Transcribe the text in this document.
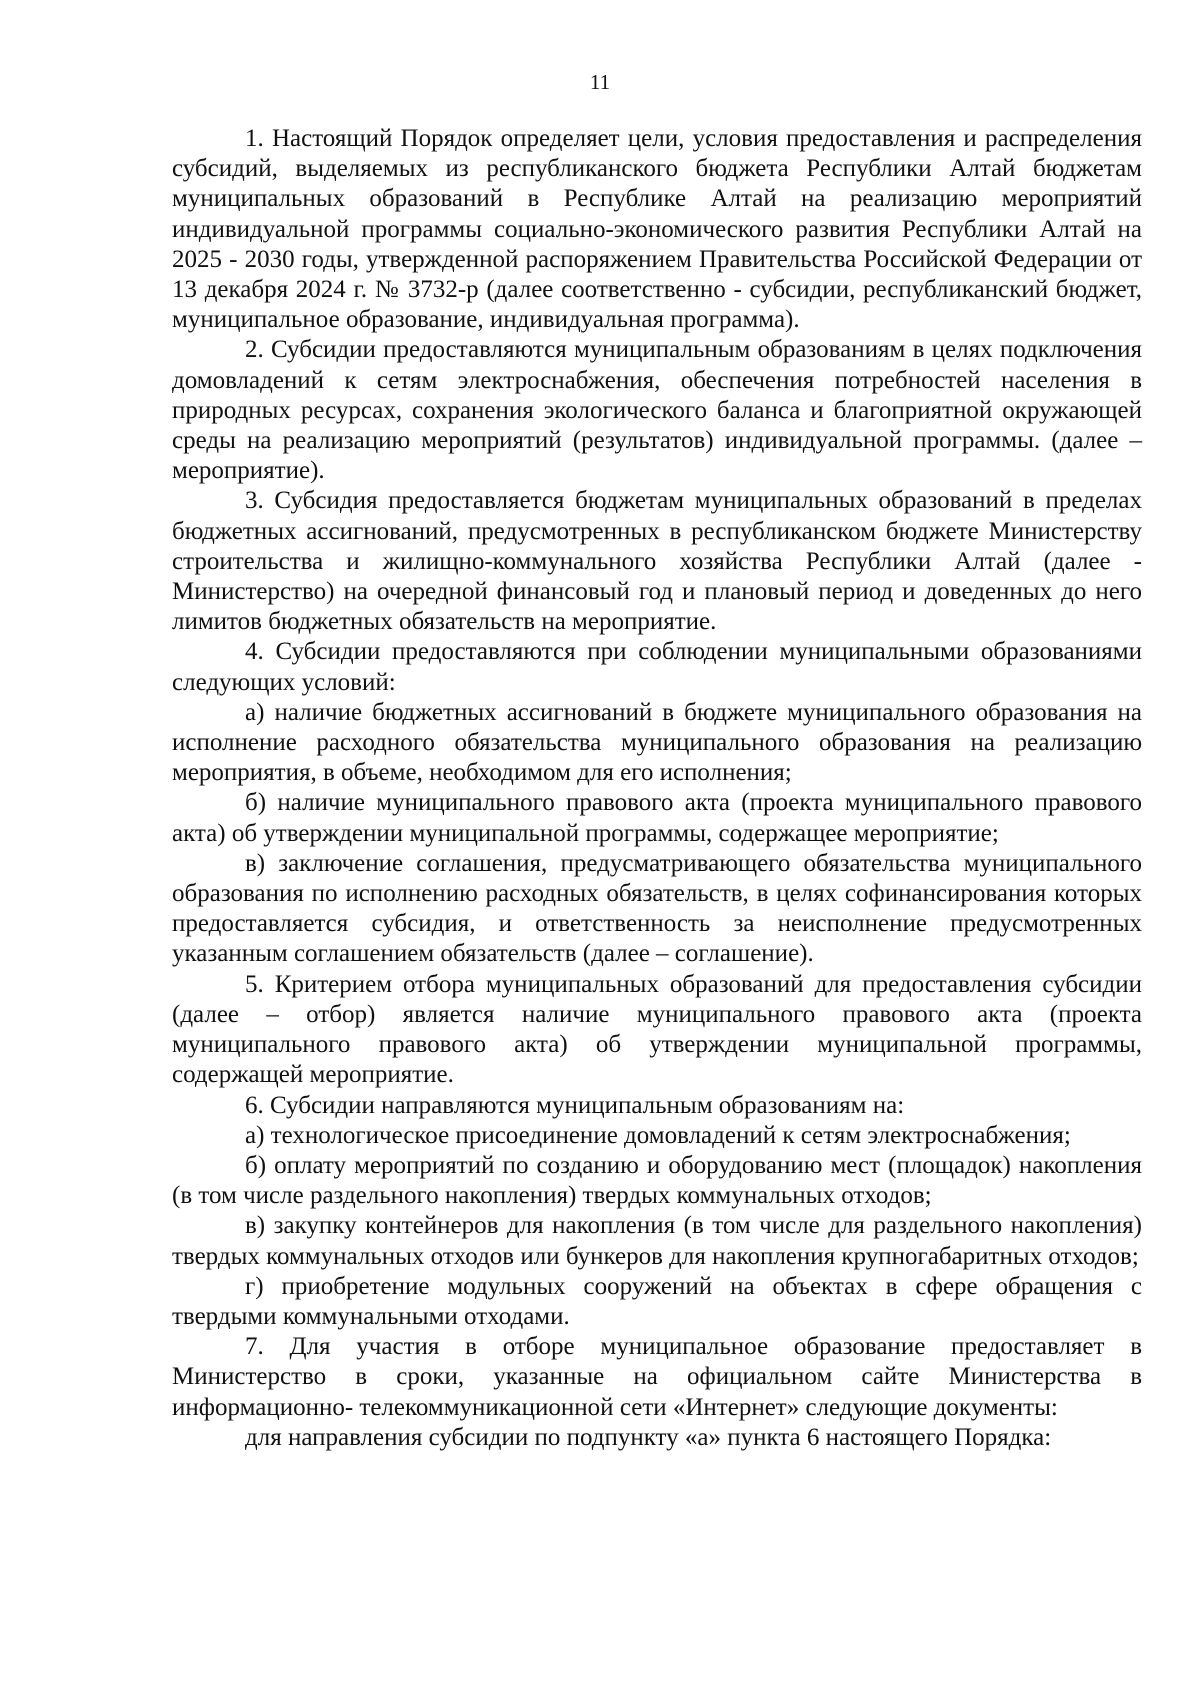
11

1. Настоящий Порядок определяет цели, условия предоставления и распределения субсидий, выделяемых из республиканского бюджета Республики Алтай бюджетам муниципальных образований в Республике Алтай на реализацию мероприятий индивидуальной программы социально-экономического развития Республики Алтай на 2025 - 2030 годы, утвержденной распоряжением Правительства Российской Федерации от 13 декабря 2024 г. № 3732-р (далее соответственно - субсидии, республиканский бюджет, муниципальное образование, индивидуальная программа).

2. Субсидии предоставляются муниципальным образованиям в целях подключения домовладений к сетям электроснабжения, обеспечения потребностей населения в природных ресурсах, сохранения экологического баланса и благоприятной окружающей среды на реализацию мероприятий (результатов) индивидуальной программы. (далее – мероприятие).

3. Субсидия предоставляется бюджетам муниципальных образований в пределах бюджетных ассигнований, предусмотренных в республиканском бюджете Министерству строительства и жилищно-коммунального хозяйства Республики Алтай (далее - Министерство) на очередной финансовый год и плановый период и доведенных до него лимитов бюджетных обязательств на мероприятие.

4. Субсидии предоставляются при соблюдении муниципальными образованиями следующих условий:

а) наличие бюджетных ассигнований в бюджете муниципального образования на исполнение расходного обязательства муниципального образования на реализацию мероприятия, в объеме, необходимом для его исполнения;

б) наличие муниципального правового акта (проекта муниципального правового акта) об утверждении муниципальной программы, содержащее мероприятие;

в) заключение соглашения, предусматривающего обязательства муниципального образования по исполнению расходных обязательств, в целях софинансирования которых предоставляется субсидия, и ответственность за неисполнение предусмотренных указанным соглашением обязательств (далее – соглашение).

5. Критерием отбора муниципальных образований для предоставления субсидии (далее – отбор) является наличие муниципального правового акта (проекта муниципального правового акта) об утверждении муниципальной программы, содержащей мероприятие.

6. Субсидии направляются муниципальным образованиям на:

а) технологическое присоединение домовладений к сетям электроснабжения;

б) оплату мероприятий по созданию и оборудованию мест (площадок) накопления (в том числе раздельного накопления) твердых коммунальных отходов;

в) закупку контейнеров для накопления (в том числе для раздельного накопления) твердых коммунальных отходов или бункеров для накопления крупногабаритных отходов;

г) приобретение модульных сооружений на объектах в сфере обращения с твердыми коммунальными отходами.

7. Для участия в отборе муниципальное образование предоставляет в Министерство в сроки, указанные на официальном сайте Министерства в информационно- телекоммуникационной сети «Интернет» следующие документы:

для направления субсидии по подпункту «а» пункта 6 настоящего Порядка:
